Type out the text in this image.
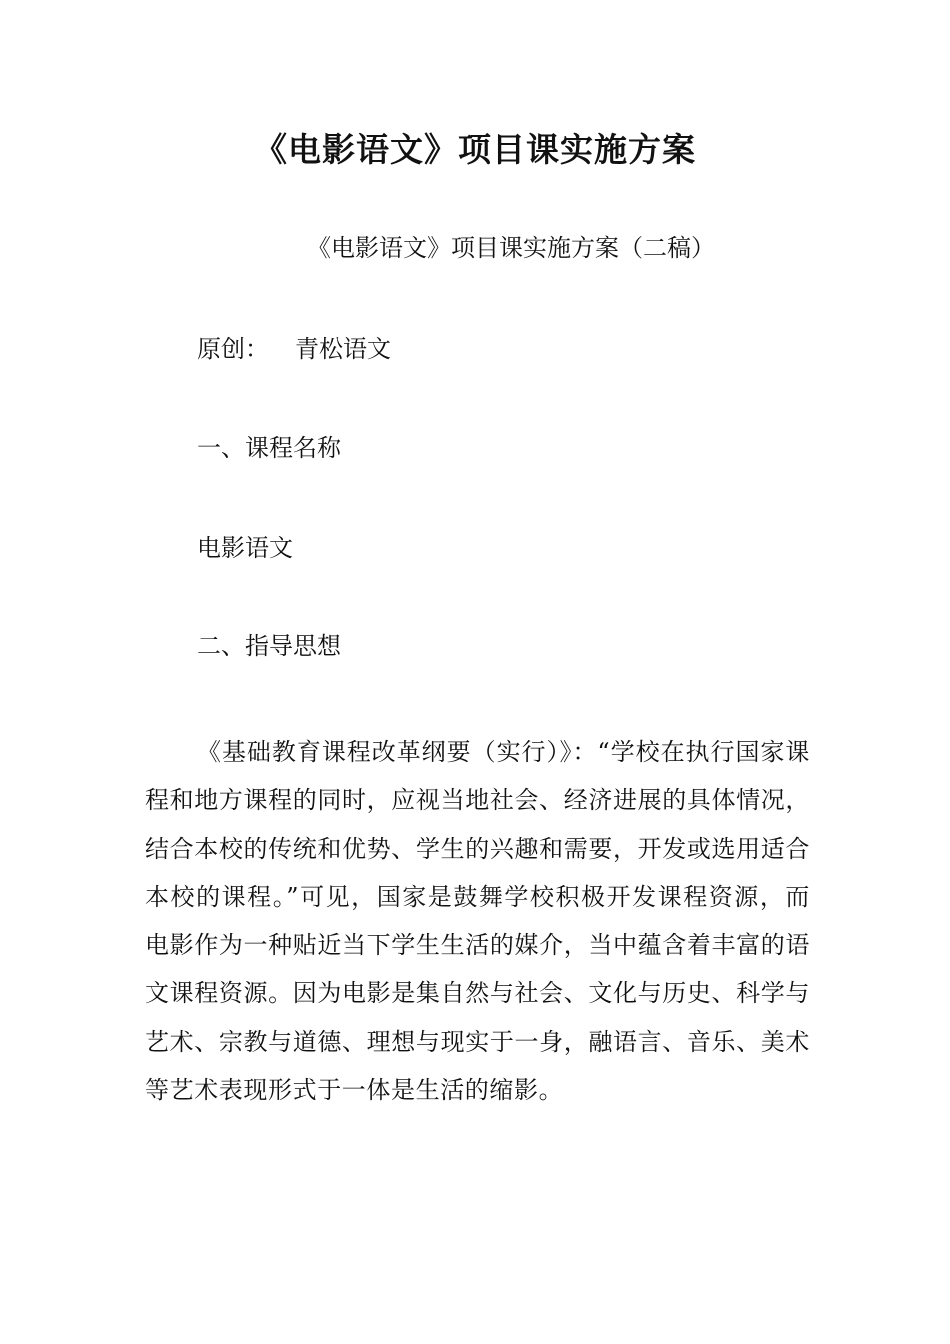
《电影语文》项目课实施方案
《电影语文》项目课实施方案（二稿）
原创： 青松语文
一、课程名称
电影语文
二、指导思想

《基础教育课程改革纲要（实行）》：“学校在执行国家课程和地方课程的同时，应视当地社会、经济进展的具体情况，结合本校的传统和优势、学生的兴趣和需要，开发或选用适合本校的课程。”可见，国家是鼓舞学校积极开发课程资源，而电影作为一种贴近当下学生生活的媒介，当中蕴含着丰富的语文课程资源。因为电影是集自然与社会、文化与历史、科学与艺术、宗教与道德、理想与现实于一身，融语言、音乐、美术等艺术表现形式于一体是生活的缩影。
